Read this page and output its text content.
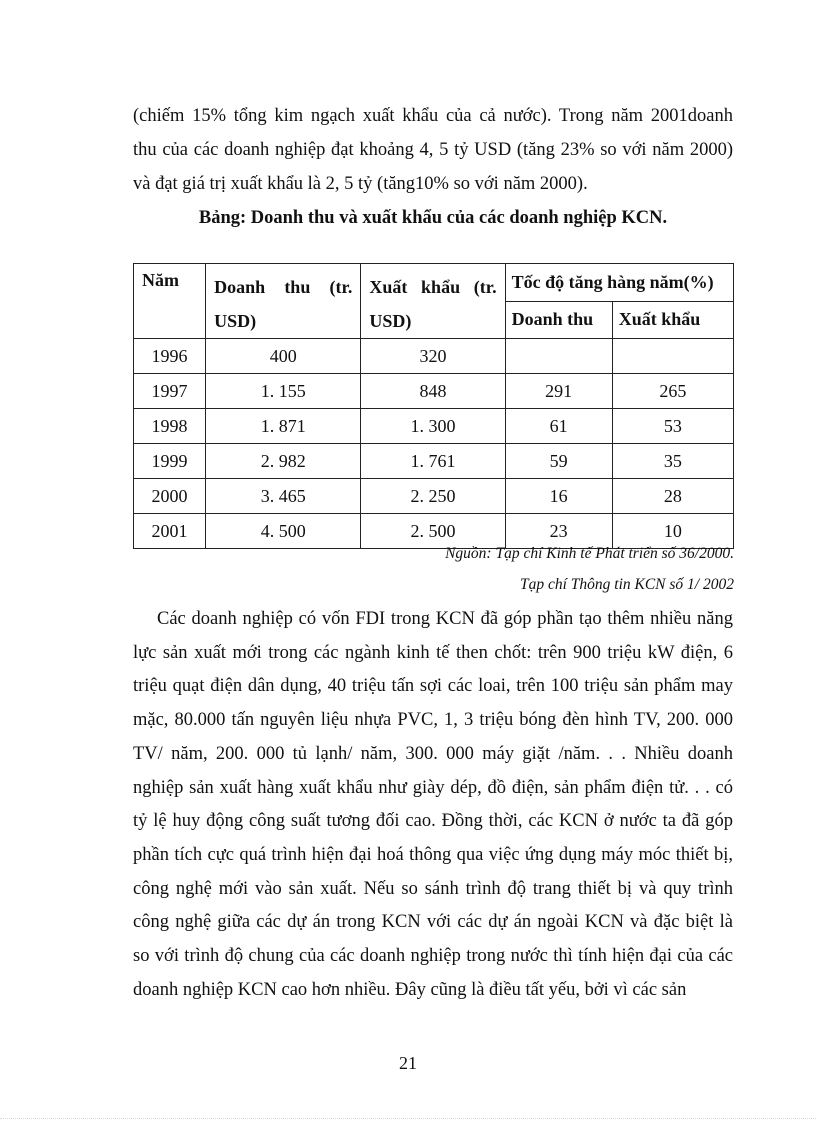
(chiếm 15% tổng kim ngạch xuất khẩu của cả nước). Trong năm 2001doanh
thu của các doanh nghiệp đạt khoảng 4, 5 tỷ USD (tăng 23% so với năm 2000)
và đạt giá trị xuất khẩu là 2, 5 tỷ (tăng10% so với năm 2000).
Bảng: Doanh thu và xuất khẩu của các doanh nghiệp KCN.
Năm	Doanh thu (tr. USD)	Xuất khẩu (tr. USD)	Tốc độ tăng hàng năm(%)	
			Doanh thu	Xuất khẩu
1996	400	320		
1997	1. 155	848	291	265
1998	1. 871	1. 300	61	53
1999	2. 982	1. 761	59	35
2000	3. 465	2. 250	16	28
2001	4. 500	2. 500	23	10
Nguồn: Tạp chí Kinh tế Phát triển số 36/2000.
Tạp chí Thông tin KCN số 1/ 2002
Các doanh nghiệp có vốn FDI trong KCN đã góp phần tạo thêm nhiều năng
lực sản xuất mới trong các ngành kinh tế then chốt: trên 900 triệu kW điện, 6
triệu quạt điện dân dụng, 40 triệu tấn sợi các loai, trên 100 triệu sản phẩm may
mặc, 80.000 tấn nguyên liệu nhựa PVC, 1, 3 triệu bóng đèn hình TV, 200. 000
TV/ năm, 200. 000 tủ lạnh/ năm, 300. 000 máy giặt /năm. . . Nhiều doanh
nghiệp sản xuất hàng xuất khẩu như giày dép, đồ điện, sản phẩm điện tử. . . có
tỷ lệ huy động công suất tương đối cao. Đồng thời, các KCN ở nước ta đã góp
phần tích cực quá trình hiện đại hoá thông qua việc ứng dụng máy móc thiết bị,
công nghệ mới vào sản xuất. Nếu so sánh trình độ trang thiết bị và quy trình
công nghệ giữa các dự án trong KCN với các dự án ngoài KCN và đặc biệt là
so với trình độ chung của các doanh nghiệp trong nước thì tính hiện đại của các
doanh nghiệp KCN cao hơn nhiều. Đây cũng là điều tất yếu, bởi vì các sản
21
